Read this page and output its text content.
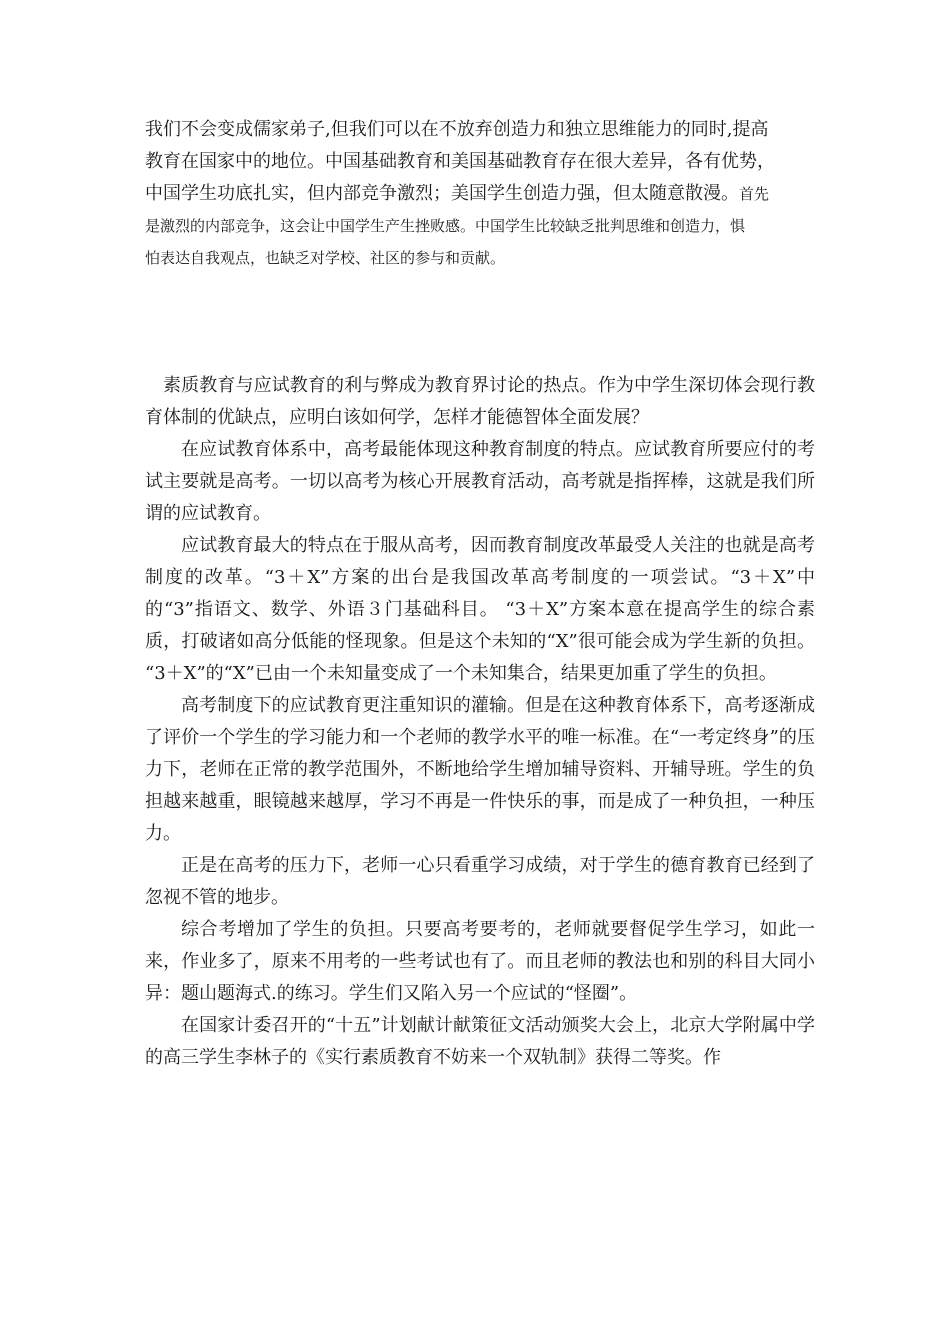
我们不会变成儒家弟子,但我们可以在不放弃创造力和独立思维能力的同时,提高
教育在国家中的地位。中国基础教育和美国基础教育存在很大差异，各有优势，
中国学生功底扎实，但内部竞争激烈；美国学生创造力强，但太随意散漫。首先
是激烈的内部竞争，这会让中国学生产生挫败感。中国学生比较缺乏批判思维和创造力，惧
怕表达自我观点，也缺乏对学校、社区的参与和贡献。

素质教育与应试教育的利与弊成为教育界讨论的热点。作为中学生深切体会现行教育体制的优缺点，应明白该如何学，怎样才能德智体全面发展？

在应试教育体系中，高考最能体现这种教育制度的特点。应试教育所要应付的考试主要就是高考。一切以高考为核心开展教育活动，高考就是指挥棒，这就是我们所谓的应试教育。

应试教育最大的特点在于服从高考，因而教育制度改革最受人关注的也就是高考制度的改革。“3＋X”方案的出台是我国改革高考制度的一项尝试。“3＋X”中的“3”指语文、数学、外语３门基础科目。 “3＋X”方案本意在提高学生的综合素质，打破诸如高分低能的怪现象。但是这个未知的“X”很可能会成为学生新的负担。 “3＋X”的“X”已由一个未知量变成了一个未知集合，结果更加重了学生的负担。

高考制度下的应试教育更注重知识的灌输。但是在这种教育体系下，高考逐渐成了评价一个学生的学习能力和一个老师的教学水平的唯一标准。在“一考定终身”的压力下，老师在正常的教学范围外，不断地给学生增加辅导资料、开辅导班。学生的负担越来越重，眼镜越来越厚，学习不再是一件快乐的事，而是成了一种负担，一种压力。

正是在高考的压力下，老师一心只看重学习成绩，对于学生的德育教育已经到了忽视不管的地步。

综合考增加了学生的负担。只要高考要考的，老师就要督促学生学习，如此一来，作业多了，原来不用考的一些考试也有了。而且老师的教法也和别的科目大同小异：题山题海式.的练习。学生们又陷入另一个应试的“怪圈”。

在国家计委召开的“十五”计划献计献策征文活动颁奖大会上，北京大学附属中学的高三学生李林子的《实行素质教育不妨来一个双轨制》获得二等奖。作
